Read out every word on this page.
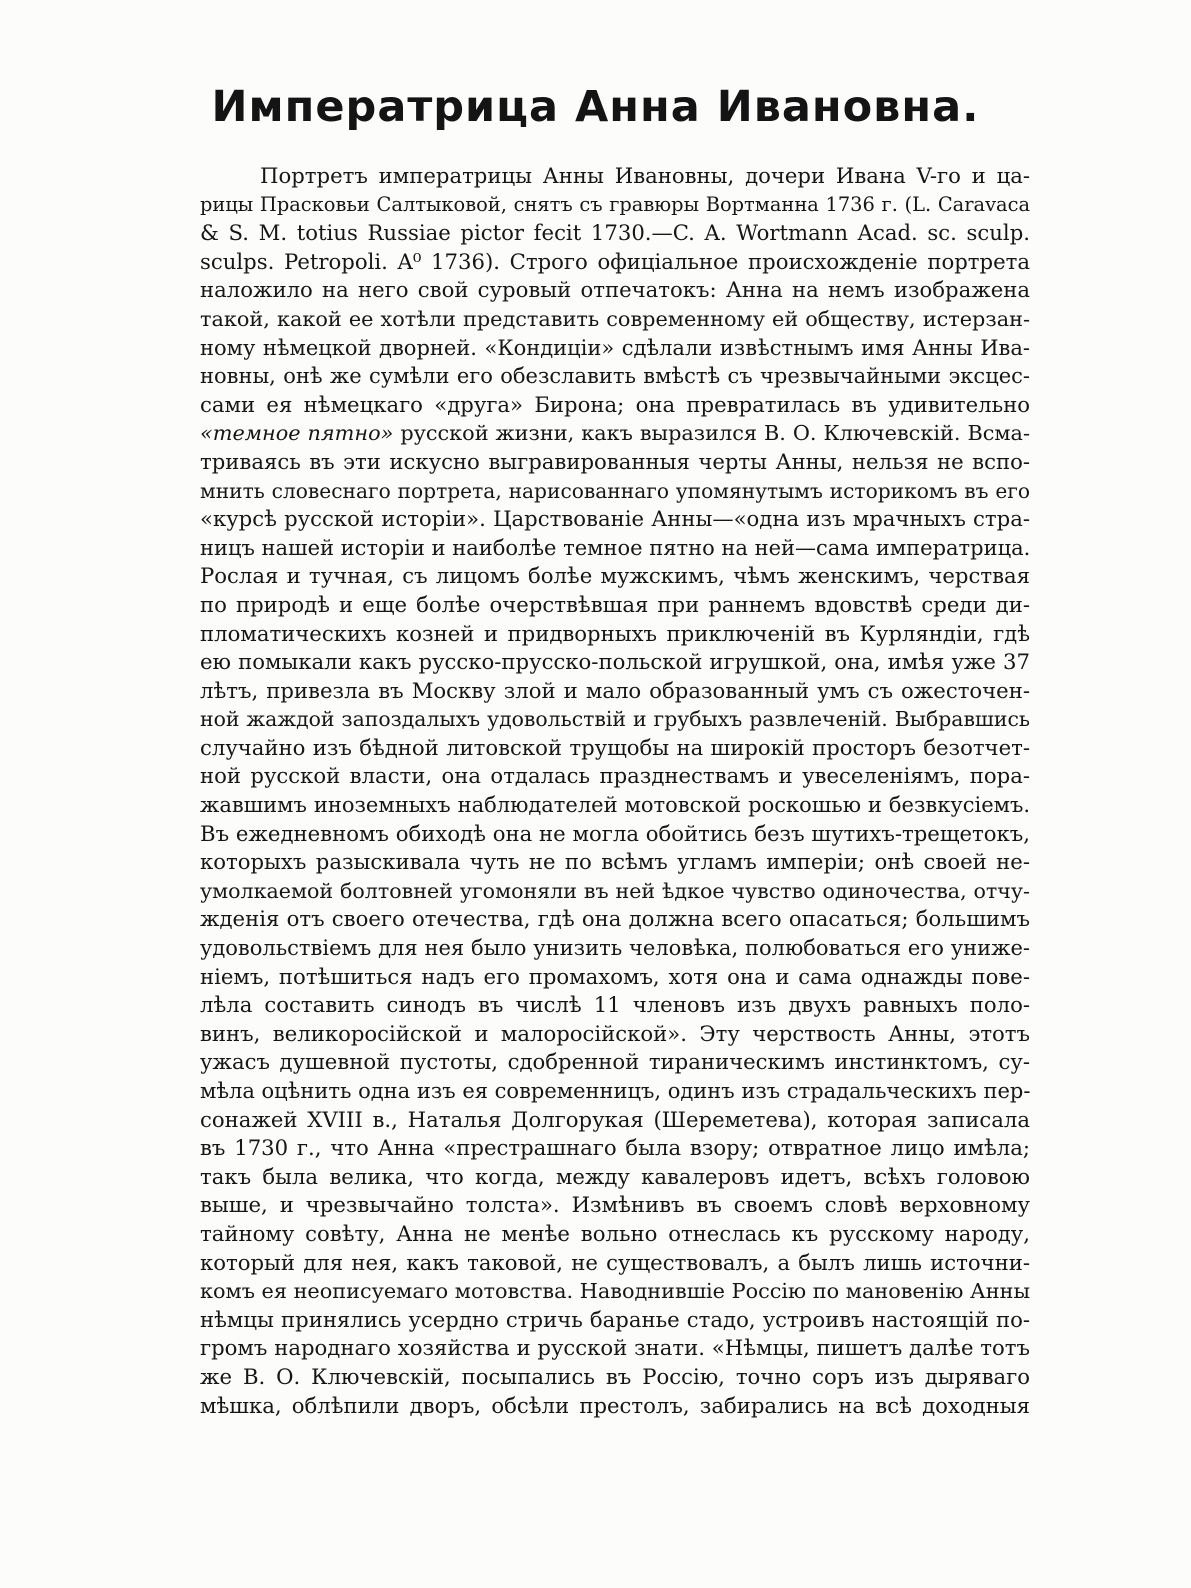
Императрица Анна Ивановна.
Портретъ императрицы Анны Ивановны, дочери Ивана V-го и ца-
рицы Прасковьи Салтыковой, снятъ съ гравюры Вортманна 1736 г. (L. Caravaca
& S. M. totius Russiae pictor fecit 1730.—C. A. Wortmann Acad. sc. sculp.
sculps. Petropoli. A⁰ 1736). Строго офиціальное происхожденіе портрета
наложило на него свой суровый отпечатокъ: Анна на немъ изображена
такой, какой ее хотѣли представить современному ей обществу, истерзан-
ному нѣмецкой дворней. «Кондиціи» сдѣлали извѣстнымъ имя Анны Ива-
новны, онѣ же сумѣли его обезславить вмѣстѣ съ чрезвычайными эксцес-
сами ея нѣмецкаго «друга» Бирона; она превратилась въ удивительно
«темное пятно» русской жизни, какъ выразился В. О. Ключевскій. Всма-
триваясь въ эти искусно выгравированныя черты Анны, нельзя не вспо-
мнить словеснаго портрета, нарисованнаго упомянутымъ историкомъ въ его
«курсѣ русской исторіи». Царствованіе Анны—«одна изъ мрачныхъ стра-
ницъ нашей исторіи и наиболѣе темное пятно на ней—сама императрица.
Рослая и тучная, съ лицомъ болѣе мужскимъ, чѣмъ женскимъ, черствая
по природѣ и еще болѣе очерствѣвшая при раннемъ вдовствѣ среди ди-
пломатическихъ козней и придворныхъ приключеній въ Курляндіи, гдѣ
ею помыкали какъ русско-прусско-польской игрушкой, она, имѣя уже 37
лѣтъ, привезла въ Москву злой и мало образованный умъ съ ожесточен-
ной жаждой запоздалыхъ удовольствій и грубыхъ развлеченій. Выбравшись
случайно изъ бѣдной литовской трущобы на широкій просторъ безотчет-
ной русской власти, она отдалась празднествамъ и увеселеніямъ, пора-
жавшимъ иноземныхъ наблюдателей мотовской роскошью и безвкусіемъ.
Въ ежедневномъ обиходѣ она не могла обойтись безъ шутихъ-трещетокъ,
которыхъ разыскивала чуть не по всѣмъ угламъ имперіи; онѣ своей не-
умолкаемой болтовней угомоняли въ ней ѣдкое чувство одиночества, отчу-
жденія отъ своего отечества, гдѣ она должна всего опасаться; большимъ
удовольствіемъ для нея было унизить человѣка, полюбоваться его униже-
ніемъ, потѣшиться надъ его промахомъ, хотя она и сама однажды пове-
лѣла составить синодъ въ числѣ 11 членовъ изъ двухъ равныхъ поло-
винъ, великоросійской и малоросійской». Эту черствость Анны, этотъ
ужасъ душевной пустоты, сдобренной тираническимъ инстинктомъ, су-
мѣла оцѣнить одна изъ ея современницъ, одинъ изъ страдальческихъ пер-
сонажей XVIII в., Наталья Долгорукая (Шереметева), которая записала
въ 1730 г., что Анна «престрашнаго была взору; отвратное лицо имѣла;
такъ была велика, что когда, между кавалеровъ идетъ, всѣхъ головою
выше, и чрезвычайно толста». Измѣнивъ въ своемъ словѣ верховному
тайному совѣту, Анна не менѣе вольно отнеслась къ русскому народу,
который для нея, какъ таковой, не существовалъ, а былъ лишь источни-
комъ ея неописуемаго мотовства. Наводнившіе Россію по мановенію Анны
нѣмцы принялись усердно стричь баранье стадо, устроивъ настоящій по-
громъ народнаго хозяйства и русской знати. «Нѣмцы, пишетъ далѣе тотъ
же В. О. Ключевскій, посыпались въ Россію, точно соръ изъ дыряваго
мѣшка, облѣпили дворъ, обсѣли престолъ, забирались на всѣ доходныя
